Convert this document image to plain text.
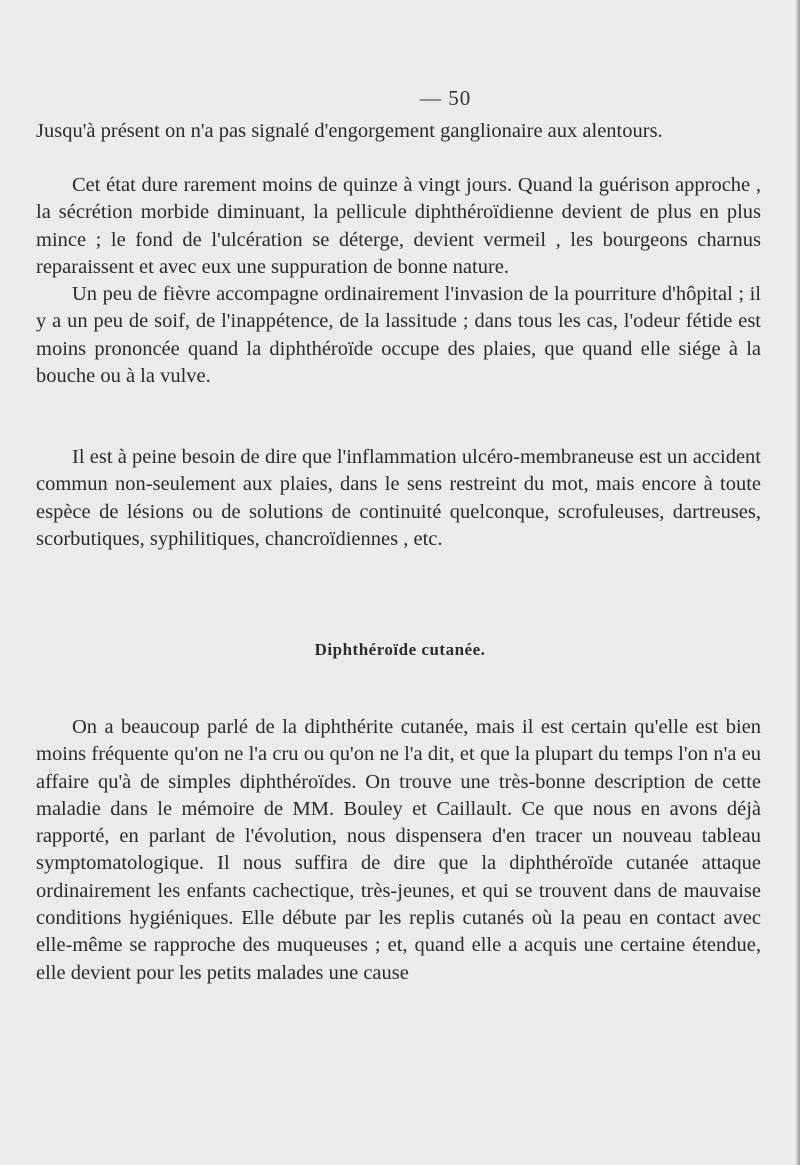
— 50

Jusqu'à présent on n'a pas signalé d'engorgement ganglionaire aux alentours.

Cet état dure rarement moins de quinze à vingt jours. Quand la guérison approche , la sécrétion morbide diminuant, la pellicule diphthéroïdienne devient de plus en plus mince ; le fond de l'ulcération se déterge, devient vermeil , les bourgeons charnus reparaissent et avec eux une suppuration de bonne nature.

Un peu de fièvre accompagne ordinairement l'invasion de la pourriture d'hôpital ; il y a un peu de soif, de l'inappétence, de la lassitude ; dans tous les cas, l'odeur fétide est moins prononcée quand la diphthéroïde occupe des plaies, que quand elle siége à la bouche ou à la vulve.

Il est à peine besoin de dire que l'inflammation ulcéro-membraneuse est un accident commun non-seulement aux plaies, dans le sens restreint du mot, mais encore à toute espèce de lésions ou de solutions de continuité quelconque, scrofuleuses, dartreuses, scorbutiques, syphilitiques, chancroïdiennes , etc.

Diphthéroïde cutanée.

On a beaucoup parlé de la diphthérite cutanée, mais il est certain qu'elle est bien moins fréquente qu'on ne l'a cru ou qu'on ne l'a dit, et que la plupart du temps l'on n'a eu affaire qu'à de simples diphthéroïdes. On trouve une très-bonne description de cette maladie dans le mémoire de MM. Bouley et Caillault. Ce que nous en avons déjà rapporté, en parlant de l'évolution, nous dispensera d'en tracer un nouveau tableau symptomatologique. Il nous suffira de dire que la diphthéroïde cutanée attaque ordinairement les enfants cachectique, très-jeunes, et qui se trouvent dans de mauvaise conditions hygiéniques. Elle débute par les replis cutanés où la peau en contact avec elle-même se rapproche des muqueuses ; et, quand elle a acquis une certaine étendue, elle devient pour les petits malades une cause
